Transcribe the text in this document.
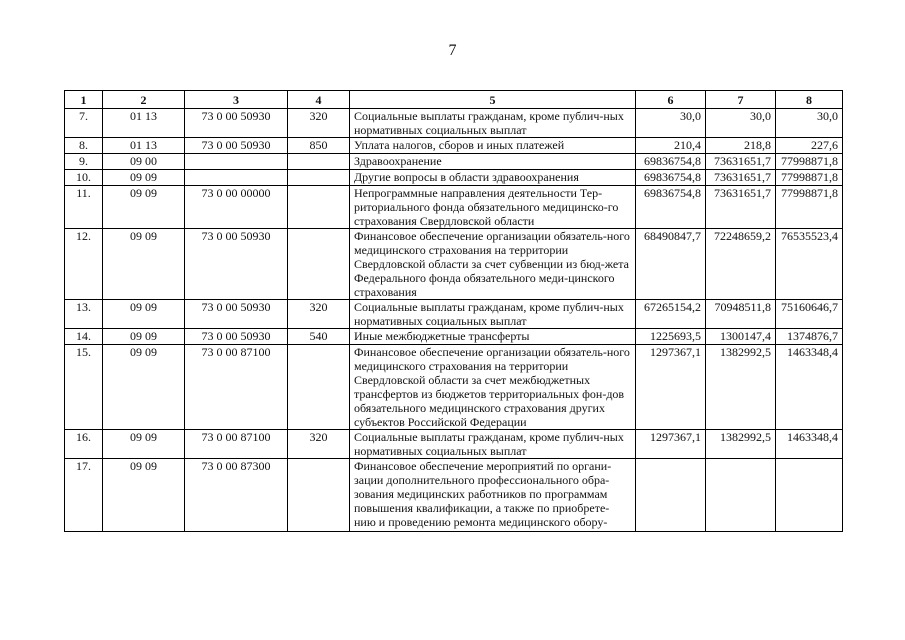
7
1	2	3	4	5	6	7	8
7.	01 13	73 0 00 50930	320	Социальные выплаты гражданам, кроме публич-ных нормативных социальных выплат	30,0	30,0	30,0
8.	01 13	73 0 00 50930	850	Уплата налогов, сборов и иных платежей	210,4	218,8	227,6
9.	09 00			Здравоохранение	69836754,8	73631651,7	77998871,8
10.	09 09			Другие вопросы в области здравоохранения	69836754,8	73631651,7	77998871,8
11.	09 09	73 0 00 00000		Непрограммные направления деятельности Тер-риториального фонда обязательного медицинско-го страхования Свердловской области	69836754,8	73631651,7	77998871,8
12.	09 09	73 0 00 50930		Финансовое обеспечение организации обязатель-ного медицинского страхования на территории Свердловской области за счет субвенции из бюд-жета Федерального фонда обязательного меди-цинского страхования	68490847,7	72248659,2	76535523,4
13.	09 09	73 0 00 50930	320	Социальные выплаты гражданам, кроме публич-ных нормативных социальных выплат	67265154,2	70948511,8	75160646,7
14.	09 09	73 0 00 50930	540	Иные межбюджетные трансферты	1225693,5	1300147,4	1374876,7
15.	09 09	73 0 00 87100		Финансовое обеспечение организации обязатель-ного медицинского страхования на территории Свердловской области за счет межбюджетных трансфертов из бюджетов территориальных фон-дов обязательного медицинского страхования других субъектов Российской Федерации	1297367,1	1382992,5	1463348,4
16.	09 09	73 0 00 87100	320	Социальные выплаты гражданам, кроме публич-ных нормативных социальных выплат	1297367,1	1382992,5	1463348,4
17.	09 09	73 0 00 87300		Финансовое обеспечение мероприятий по органи-зации дополнительного профессионального обра-зования медицинских работников по программам повышения квалификации, а также по приобрете-нию и проведению ремонта медицинского обору-			
